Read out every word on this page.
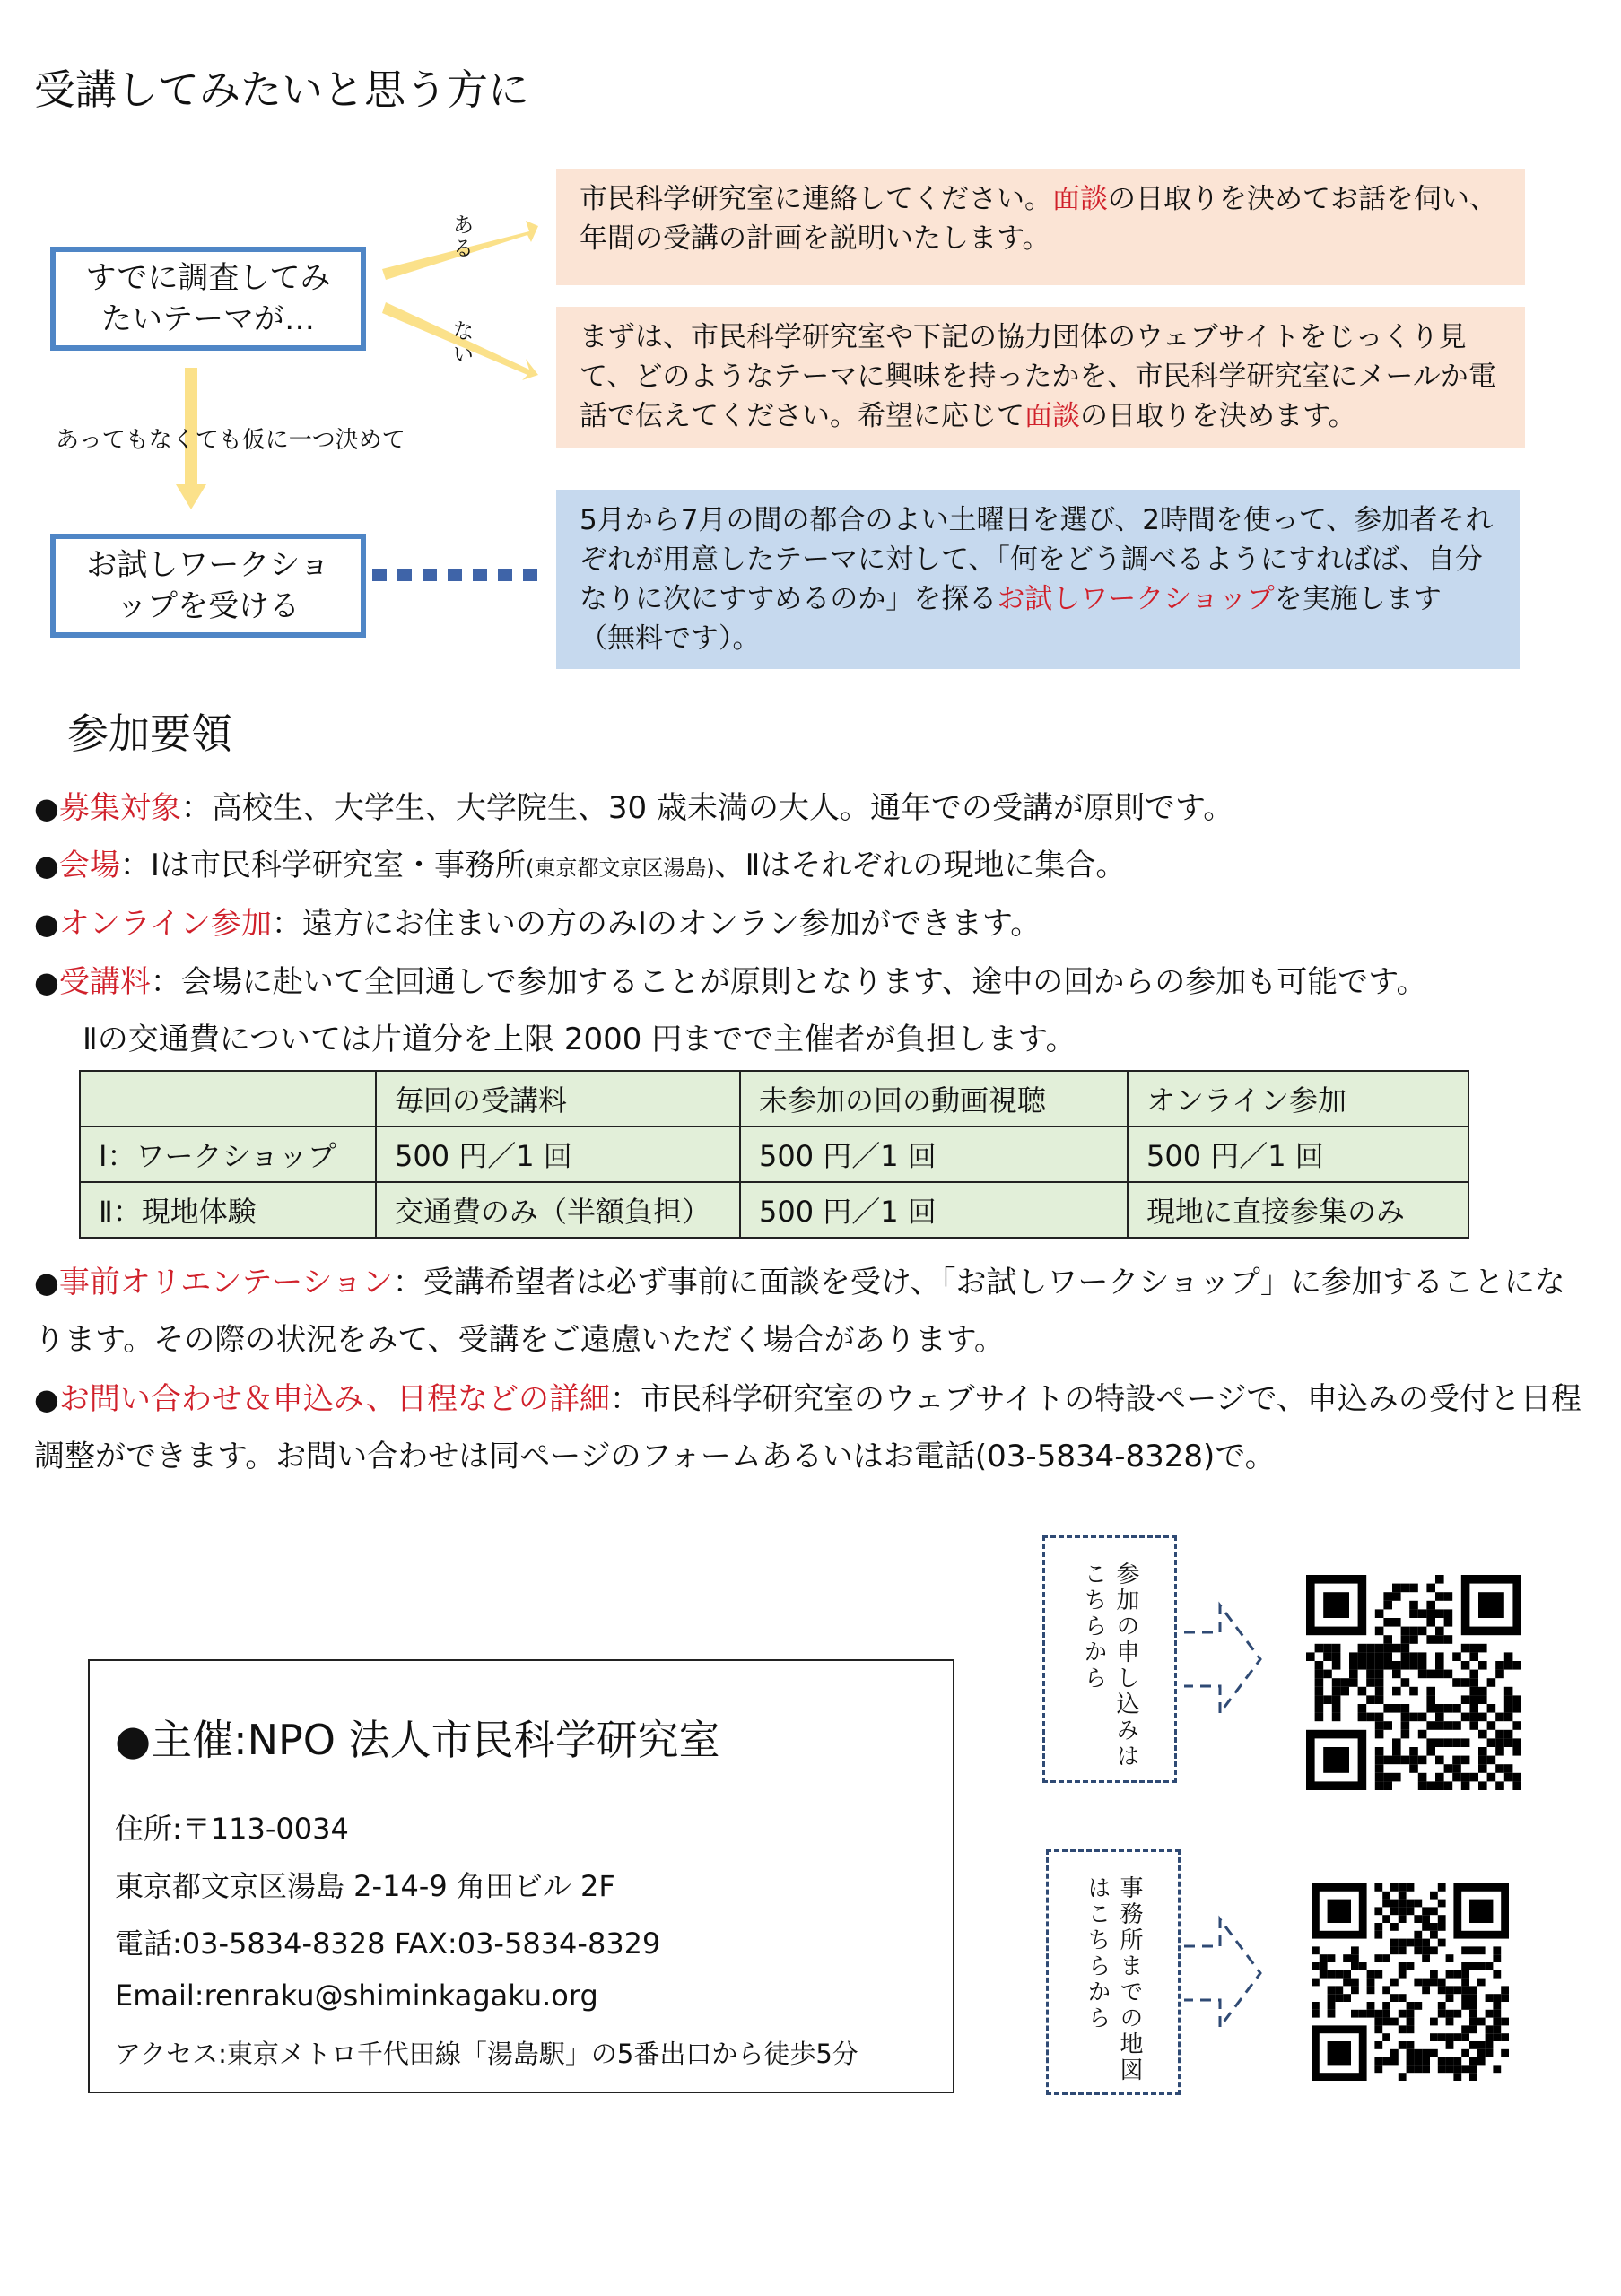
受講してみたいと思う方に
すでに調査してみたいテーマが…
ある
ない
あってもなくても仮に一つ決めて
お試しワークショップを受ける
市民科学研究室に連絡してください。面談の日取りを決めてお話を伺い、年間の受講の計画を説明いたします。
まずは、市民科学研究室や下記の協力団体のウェブサイトをじっくり見て、どのようなテーマに興味を持ったかを、市民科学研究室にメールか電話で伝えてください。希望に応じて面談の日取りを決めます。
5月から7月の間の都合のよい土曜日を選び、2時間を使って、参加者それぞれが用意したテーマに対して、「何をどう調べるようにすればば、自分なりに次にすすめるのか」を探るお試しワークショップを実施します（無料です）。
参加要領
●募集対象：高校生、大学生、大学院生、30 歳未満の大人。通年での受講が原則です。
●会場：Ⅰは市民科学研究室・事務所(東京都文京区湯島)、Ⅱはそれぞれの現地に集合。
●オンライン参加：遠方にお住まいの方のみⅠのオンラン参加ができます。
●受講料：会場に赴いて全回通しで参加することが原則となります、途中の回からの参加も可能です。
Ⅱの交通費については片道分を上限 2000 円までで主催者が負担します。
	毎回の受講料	未参加の回の動画視聴	オンライン参加
Ⅰ：ワークショップ	500 円／1 回	500 円／1 回	500 円／1 回
Ⅱ：現地体験	交通費のみ（半額負担）	500 円／1 回	現地に直接参集のみ
●事前オリエンテーション：受講希望者は必ず事前に面談を受け、「お試しワークショップ」に参加することになります。その際の状況をみて、受講をご遠慮いただく場合があります。
●お問い合わせ＆申込み、日程などの詳細：市民科学研究室のウェブサイトの特設ページで、申込みの受付と日程調整ができます。お問い合わせは同ページのフォームあるいはお電話(03-5834-8328)で。
●主催:NPO 法人市民科学研究室
住所:〒113-0034
東京都文京区湯島 2-14-9 角田ビル 2F
電話:03-5834-8328 FAX:03-5834-8329
Email:renraku@shiminkagaku.org
アクセス:東京メトロ千代田線「湯島駅」の5番出口から徒歩5分
参加の申し込みはこちらから
事務所までの地図はこちらから
